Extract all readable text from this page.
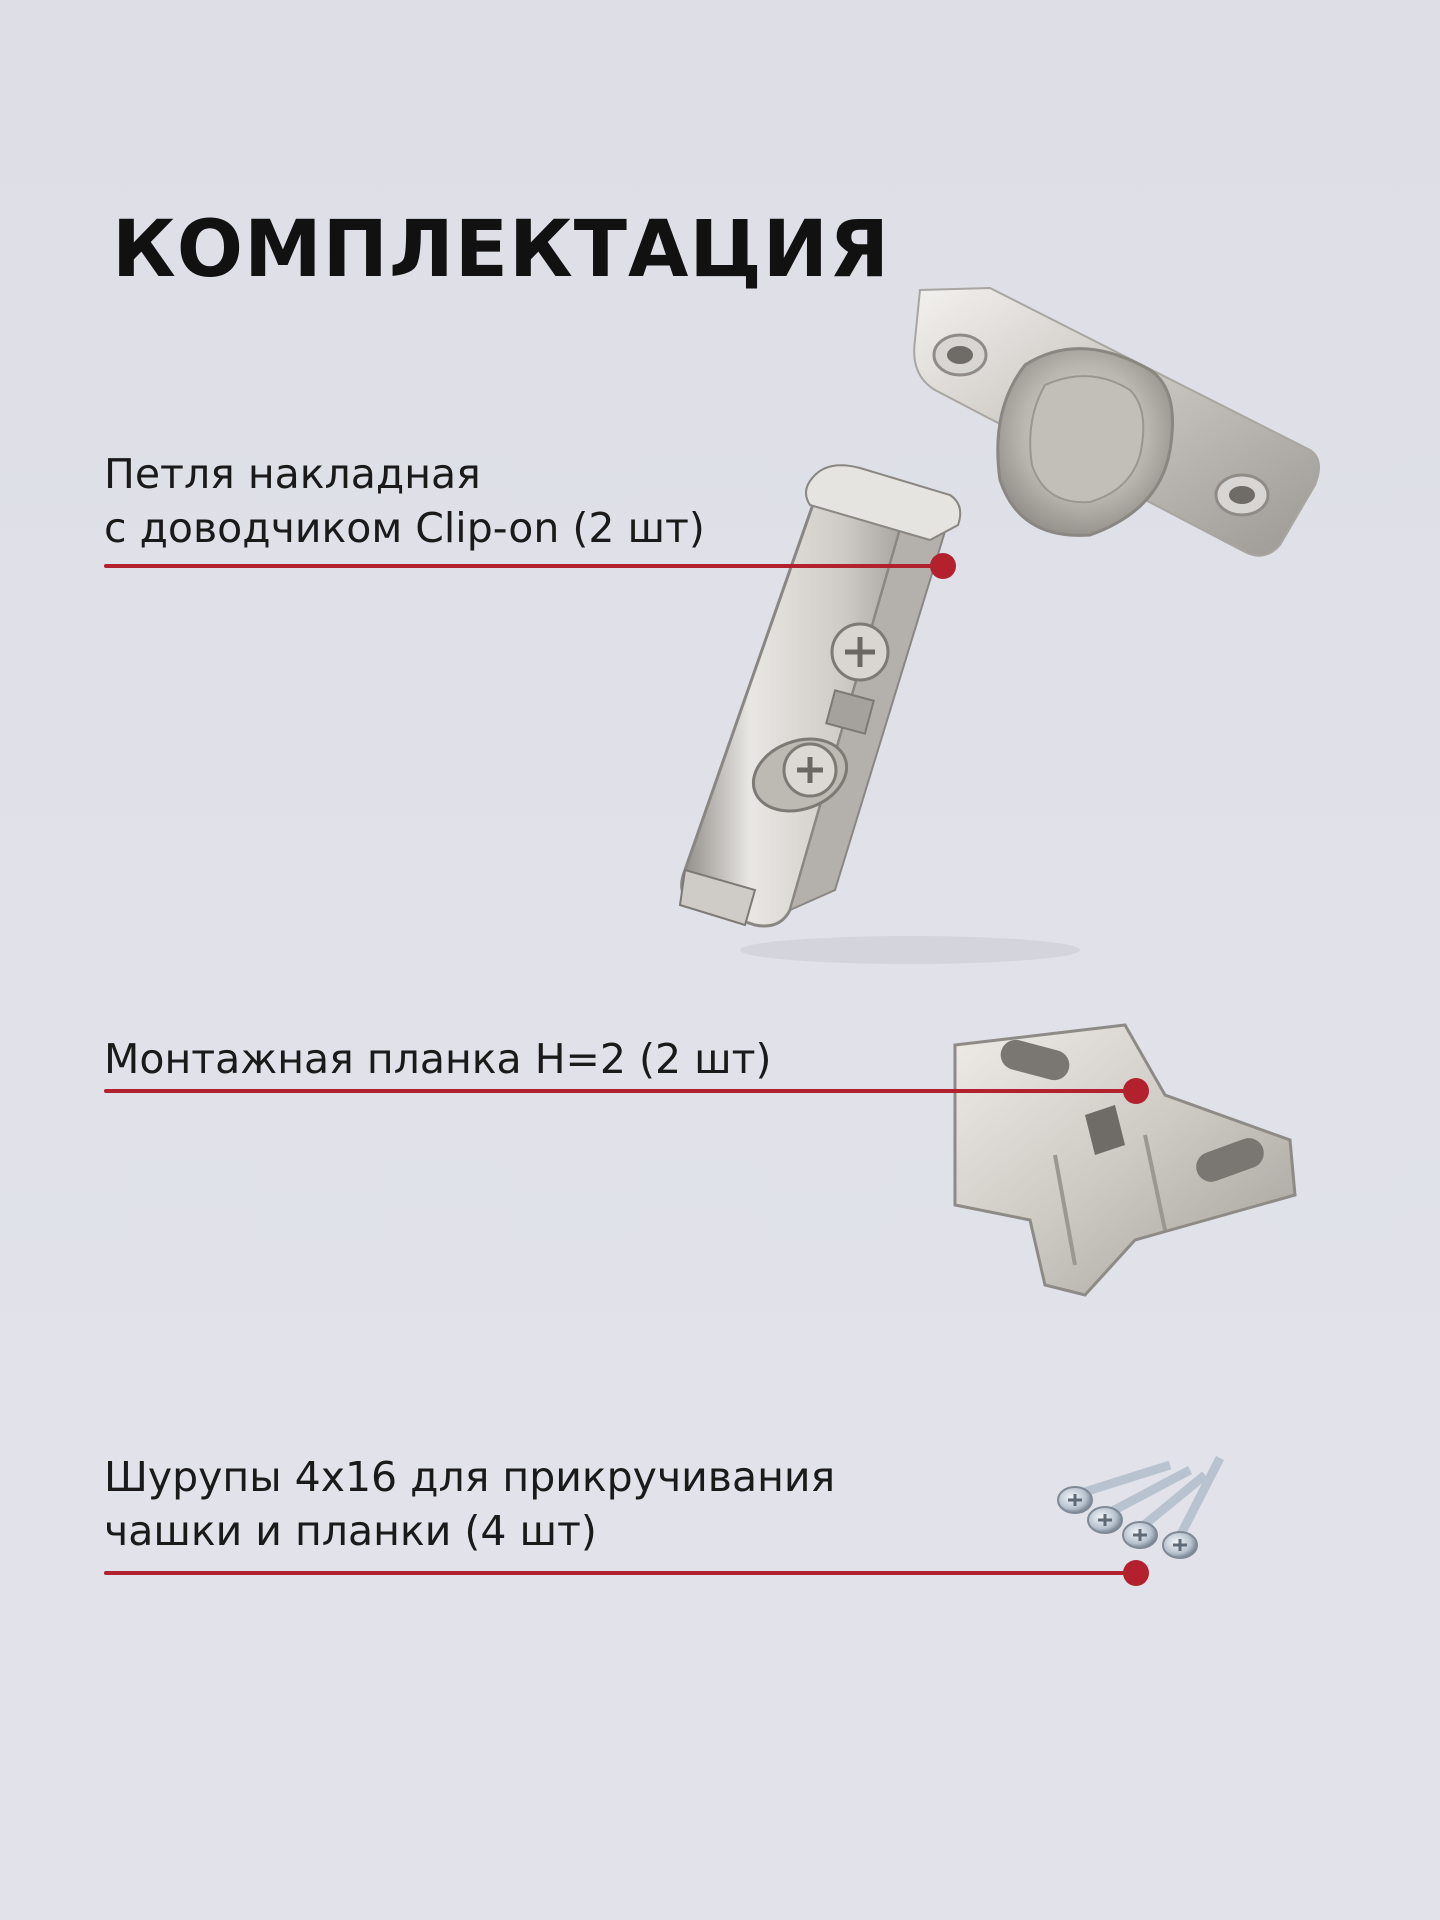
КОМПЛЕКТАЦИЯ
Петля накладная
с доводчиком Clip-on (2 шт)
Монтажная планка H=2 (2 шт)
Шурупы 4х16 для прикручивания
чашки и планки (4 шт)
